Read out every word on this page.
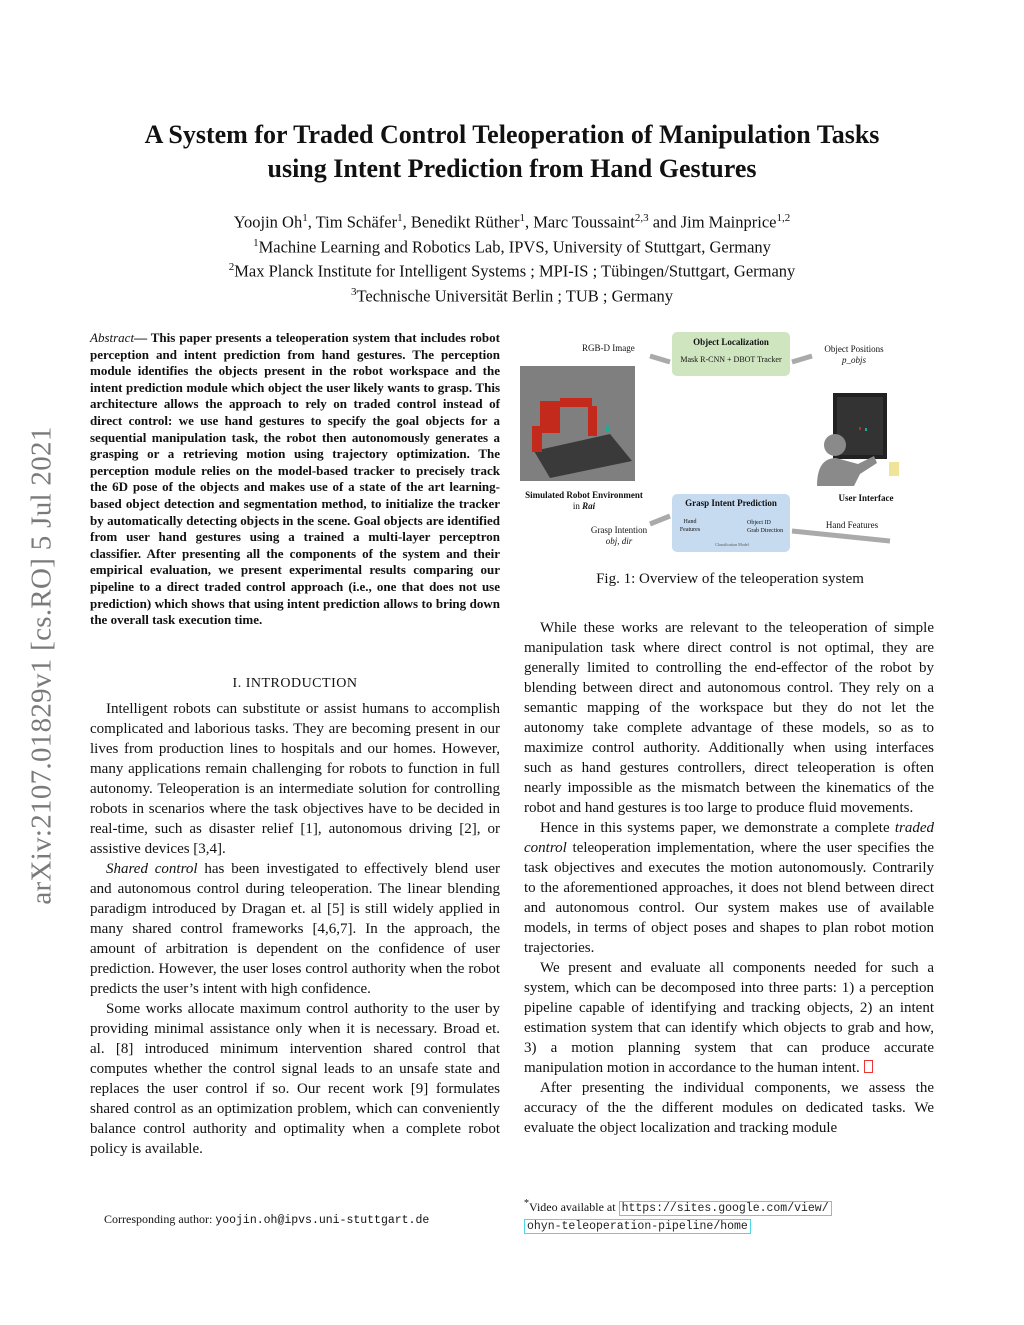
arXiv:2107.01829v1 [cs.RO] 5 Jul 2021
A System for Traded Control Teleoperation of Manipulation Tasks
using Intent Prediction from Hand Gestures
Yoojin Oh$^1$, Tim Schäfer$^1$, Benedikt Rüther$^1$, Marc Toussaint$^{2,3}$ and Jim Mainprice$^{1,2}$
$^1$Machine Learning and Robotics Lab, IPVS, University of Stuttgart, Germany
$^2$Max Planck Institute for Intelligent Systems ; MPI-IS ; Tübingen/Stuttgart, Germany
$^3$Technische Universität Berlin ; TUB ; Germany
Abstract— This paper presents a teleoperation system that includes robot perception and intent prediction from hand gestures. The perception module identifies the objects present in the robot workspace and the intent prediction module which object the user likely wants to grasp. This architecture allows the approach to rely on traded control instead of direct control: we use hand gestures to specify the goal objects for a sequential manipulation task, the robot then autonomously generates a grasping or a retrieving motion using trajectory optimization. The perception module relies on the model-based tracker to precisely track the 6D pose of the objects and makes use of a state of the art learning-based object detection and segmentation method, to initialize the tracker by automatically detecting objects in the scene. Goal objects are identified from user hand gestures using a trained a multi-layer perceptron classifier. After presenting all the components of the system and their empirical evaluation, we present experimental results comparing our pipeline to a direct traded control approach (i.e., one that does not use prediction) which shows that using intent prediction allows to bring down the overall task execution time.
I. INTRODUCTION

Intelligent robots can substitute or assist humans to accomplish complicated and laborious tasks. They are becoming present in our lives from production lines to hospitals and our homes. However, many applications remain challenging for robots to function in full autonomy. Teleoperation is an intermediate solution for controlling robots in scenarios where the task objectives have to be decided in real-time, such as disaster relief [1], autonomous driving [2], or assistive devices [3,4].

Shared control has been investigated to effectively blend user and autonomous control during teleoperation. The linear blending paradigm introduced by Dragan et. al [5] is still widely applied in many shared control frameworks [4,6,7]. In the approach, the amount of arbitration is dependent on the confidence of user prediction. However, the user loses control authority when the robot predicts the user’s intent with high confidence.

Some works allocate maximum control authority to the user by providing minimal assistance only when it is necessary. Broad et. al. [8] introduced minimum intervention shared control that computes whether the control signal leads to an unsafe state and replaces the user control if so. Our recent work [9] formulates shared control as an optimization problem, which can conveniently balance control authority and optimality when a complete robot policy is available.

Corresponding author: yoojin.oh@ipvs.uni-stuttgart.de
RGB-D Image
Object Localization
Mask R-CNN + DBOT Tracker
Object Positions
p_objs
Simulated Robot Environment
in Rai	Grasp Intent Prediction
Hand Features
Object ID
Grab Direction
Classification Model
Grasp Intention
obj, dir
User Interface
Hand Features
Fig. 1: Overview of the teleoperation system

While these works are relevant to the teleoperation of simple manipulation task where direct control is not optimal, they are generally limited to controlling the end-effector of the robot by blending between direct and autonomous control. They rely on a semantic mapping of the workspace but they do not let the autonomy take complete advantage of these models, so as to maximize control authority. Additionally when using interfaces such as hand gestures controllers, direct teleoperation is often nearly impossible as the mismatch between the kinematics of the robot and hand gestures is too large to produce fluid movements.

Hence in this systems paper, we demonstrate a complete traded control teleoperation implementation, where the user specifies the task objectives and executes the motion autonomously. Contrarily to the aforementioned approaches, it does not blend between direct and autonomous control. Our system makes use of available models, in terms of object poses and shapes to plan robot motion trajectories.

We present and evaluate all components needed for such a system, which can be decomposed into three parts: 1) a perception pipeline capable of identifying and tracking objects, 2) an intent estimation system that can identify which objects to grab and how, 3) a motion planning system that can produce accurate manipulation motion in accordance to the human intent.

After presenting the individual components, we assess the accuracy of the the different modules on dedicated tasks. We evaluate the object localization and tracking module

*Video available at https://sites.google.com/view/
ohyn-teleoperation-pipeline/home
